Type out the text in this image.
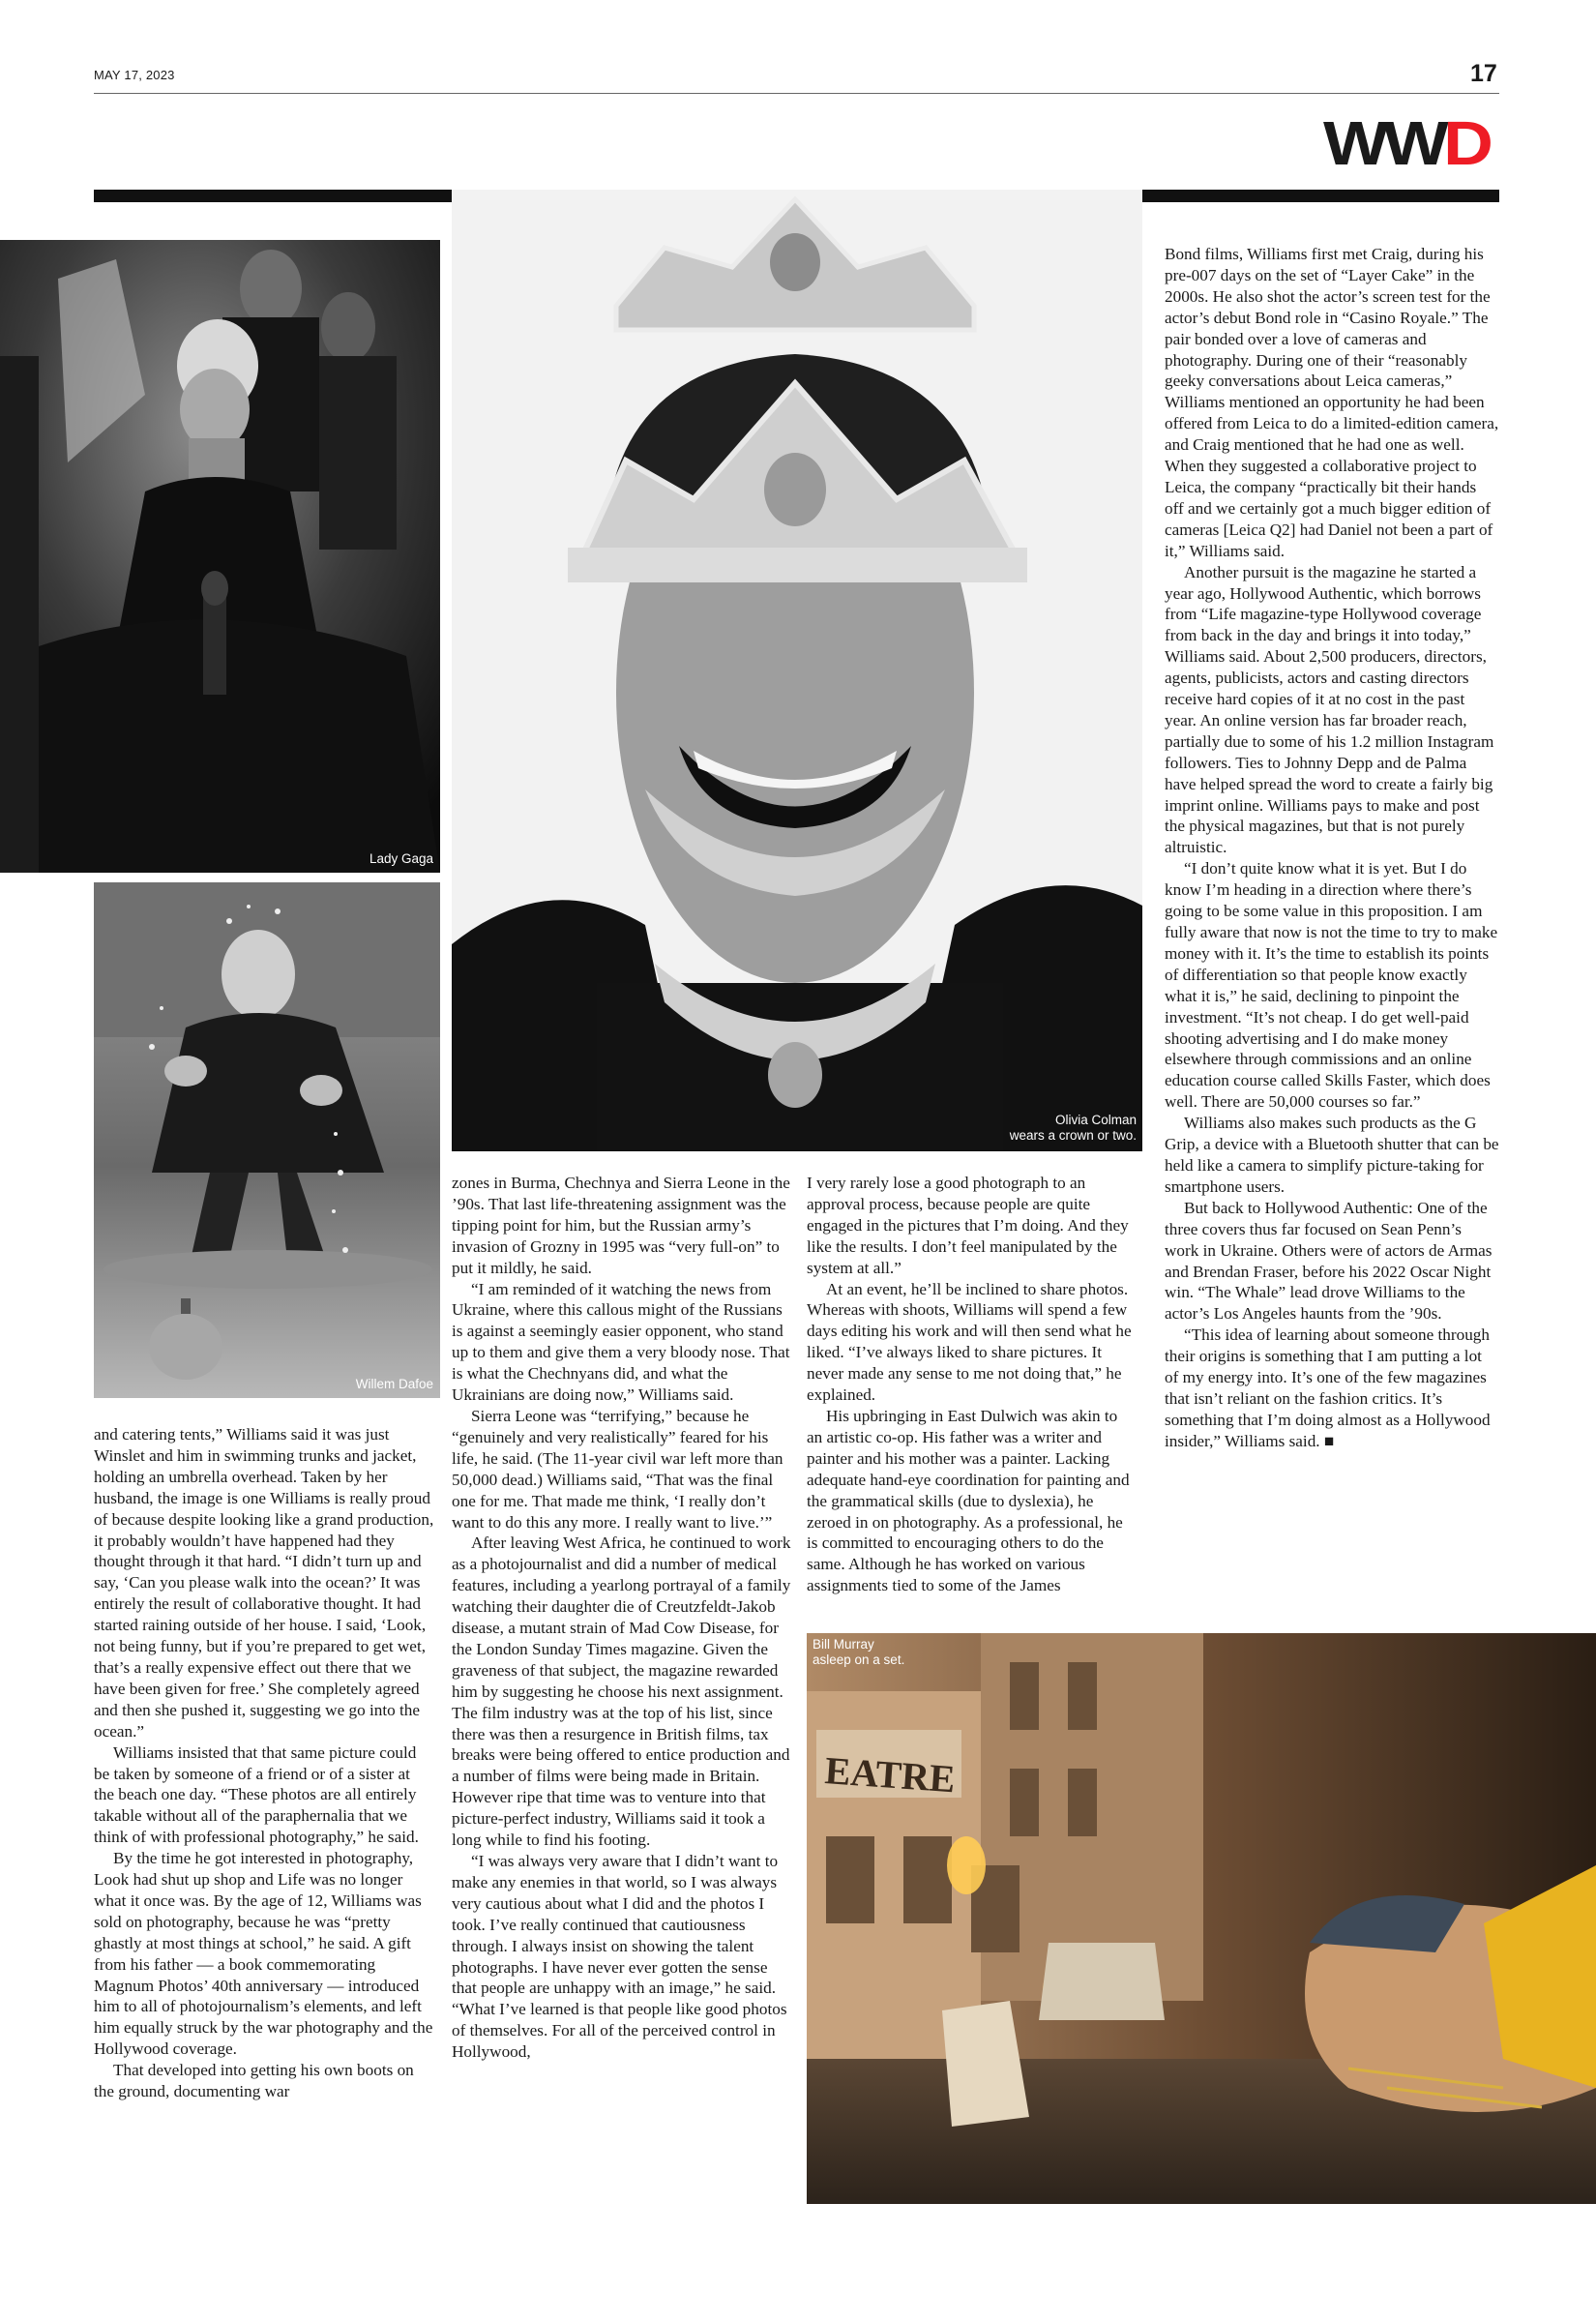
MAY 17, 2023	17
WWD
Lady Gaga
Willem Dafoe
Olivia Colman
wears a crown or two.
EATRE
Bill Murray
asleep on a set.

and catering tents,” Williams said it was just Winslet and him in swimming trunks and jacket, holding an umbrella overhead. Taken by her husband, the image is one Williams is really proud of because despite looking like a grand production, it probably wouldn’t have happened had they thought through it that hard. “I didn’t turn up and say, ‘Can you please walk into the ocean?’ It was entirely the result of collaborative thought. It had started raining outside of her house. I said, ‘Look, not being funny, but if you’re prepared to get wet, that’s a really expensive effect out there that we have been given for free.’ She completely agreed and then she pushed it, suggesting we go into the ocean.”

Williams insisted that that same picture could be taken by someone of a friend or of a sister at the beach one day. “These photos are all entirely takable without all of the paraphernalia that we think of with professional photography,” he said.

By the time he got interested in photography, Look had shut up shop and Life was no longer what it once was. By the age of 12, Williams was sold on photography, because he was “pretty ghastly at most things at school,” he said. A gift from his father — a book commemorating Magnum Photos’ 40th anniversary — introduced him to all of photojournalism’s elements, and left him equally struck by the war photography and the Hollywood coverage.

That developed into getting his own boots on the ground, documenting war

zones in Burma, Chechnya and Sierra Leone in the ’90s. That last life-threatening assignment was the tipping point for him, but the Russian army’s invasion of Grozny in 1995 was “very full-on” to put it mildly, he said.

“I am reminded of it watching the news from Ukraine, where this callous might of the Russians is against a seemingly easier opponent, who stand up to them and give them a very bloody nose. That is what the Chechnyans did, and what the Ukrainians are doing now,” Williams said.

Sierra Leone was “terrifying,” because he “genuinely and very realistically” feared for his life, he said. (The 11-year civil war left more than 50,000 dead.) Williams said, “That was the final one for me. That made me think, ‘I really don’t want to do this any more. I really want to live.’”

After leaving West Africa, he continued to work as a photojournalist and did a number of medical features, including a yearlong portrayal of a family watching their daughter die of Creutzfeldt-Jakob disease, a mutant strain of Mad Cow Disease, for the London Sunday Times magazine. Given the graveness of that subject, the magazine rewarded him by suggesting he choose his next assignment. The film industry was at the top of his list, since there was then a resurgence in British films, tax breaks were being offered to entice production and a number of films were being made in Britain. However ripe that time was to venture into that picture-perfect industry, Williams said it took a long while to find his footing.

“I was always very aware that I didn’t want to make any enemies in that world, so I was always very cautious about what I did and the photos I took. I’ve really continued that cautiousness through. I always insist on showing the talent photographs. I have never ever gotten the sense that people are unhappy with an image,” he said. “What I’ve learned is that people like good photos of themselves. For all of the perceived control in Hollywood,

I very rarely lose a good photograph to an approval process, because people are quite engaged in the pictures that I’m doing. And they like the results. I don’t feel manipulated by the system at all.”

At an event, he’ll be inclined to share photos. Whereas with shoots, Williams will spend a few days editing his work and will then send what he liked. “I’ve always liked to share pictures. It never made any sense to me not doing that,” he explained.

His upbringing in East Dulwich was akin to an artistic co-op. His father was a writer and painter and his mother was a painter. Lacking adequate hand-eye coordination for painting and the grammatical skills (due to dyslexia), he zeroed in on photography. As a professional, he is committed to encouraging others to do the same. Although he has worked on various assignments tied to some of the James

Bond films, Williams first met Craig, during his pre-007 days on the set of “Layer Cake” in the 2000s. He also shot the actor’s screen test for the actor’s debut Bond role in “Casino Royale.” The pair bonded over a love of cameras and photography. During one of their “reasonably geeky conversations about Leica cameras,” Williams mentioned an opportunity he had been offered from Leica to do a limited-edition camera, and Craig mentioned that he had one as well. When they suggested a collaborative project to Leica, the company “practically bit their hands off and we certainly got a much bigger edition of cameras [Leica Q2] had Daniel not been a part of it,” Williams said.

Another pursuit is the magazine he started a year ago, Hollywood Authentic, which borrows from “Life magazine-type Hollywood coverage from back in the day and brings it into today,” Williams said. About 2,500 producers, directors, agents, publicists, actors and casting directors receive hard copies of it at no cost in the past year. An online version has far broader reach, partially due to some of his 1.2 million Instagram followers. Ties to Johnny Depp and de Palma have helped spread the word to create a fairly big imprint online. Williams pays to make and post the physical magazines, but that is not purely altruistic.

“I don’t quite know what it is yet. But I do know I’m heading in a direction where there’s going to be some value in this proposition. I am fully aware that now is not the time to try to make money with it. It’s the time to establish its points of differentiation so that people know exactly what it is,” he said, declining to pinpoint the investment. “It’s not cheap. I do get well-paid shooting advertising and I do make money elsewhere through commissions and an online education course called Skills Faster, which does well. There are 50,000 courses so far.”

Williams also makes such products as the G Grip, a device with a Bluetooth shutter that can be held like a camera to simplify picture-taking for smartphone users.

But back to Hollywood Authentic: One of the three covers thus far focused on Sean Penn’s work in Ukraine. Others were of actors de Armas and Brendan Fraser, before his 2022 Oscar Night win. “The Whale” lead drove Williams to the actor’s Los Angeles haunts from the ’90s.

“This idea of learning about someone through their origins is something that I am putting a lot of my energy into. It’s one of the few magazines that isn’t reliant on the fashion critics. It’s something that I’m doing almost as a Hollywood insider,” Williams said. ■
